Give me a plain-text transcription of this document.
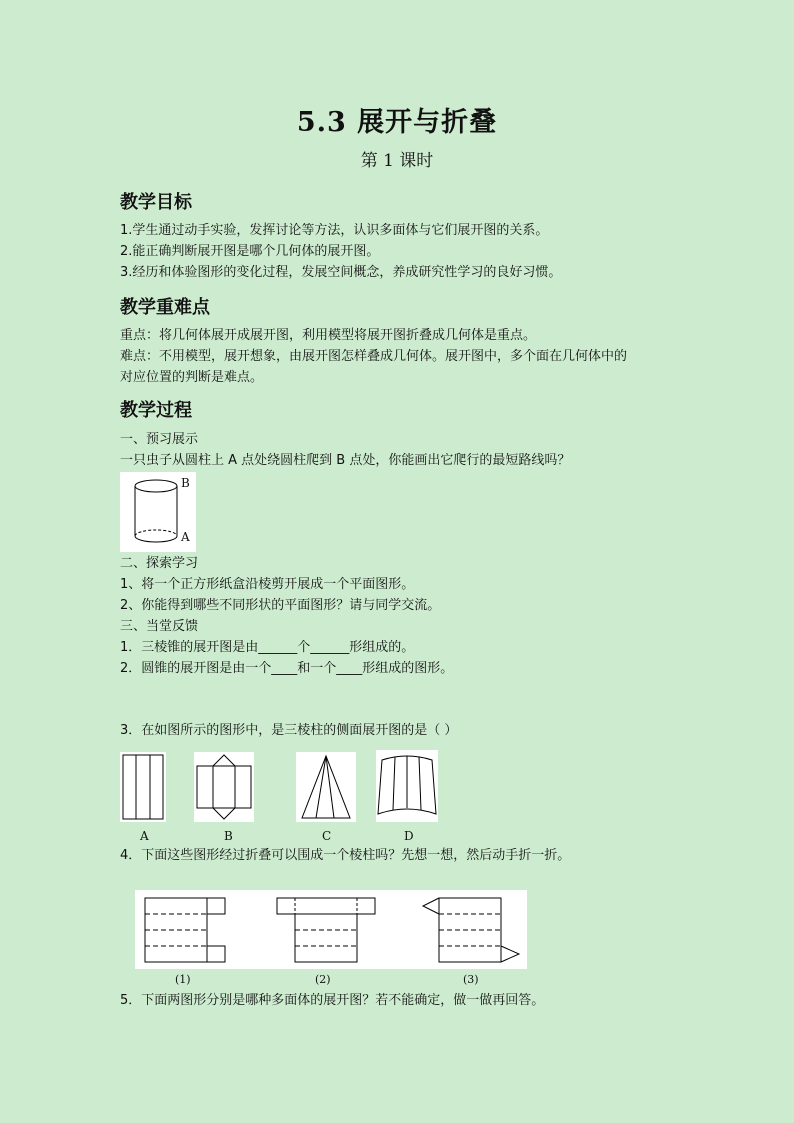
5.3 展开与折叠
第 1 课时
教学目标
1.学生通过动手实验，发挥讨论等方法，认识多面体与它们展开图的关系。
2.能正确判断展开图是哪个几何体的展开图。
3.经历和体验图形的变化过程，发展空间概念，养成研究性学习的良好习惯。
教学重难点
重点：将几何体展开成展开图，利用模型将展开图折叠成几何体是重点。
难点：不用模型，展开想象，由展开图怎样叠成几何体。展开图中，多个面在几何体中的
对应位置的判断是难点。
教学过程
一、预习展示
一只虫子从圆柱上 A 点处绕圆柱爬到 B 点处，你能画出它爬行的最短路线吗？
B
A
二、探索学习
1、将一个正方形纸盒沿棱剪开展成一个平面图形。
2、你能得到哪些不同形状的平面图形？请与同学交流。
三、当堂反馈
1．三棱锥的展开图是由______个______形组成的。
2．圆锥的展开图是由一个____和一个____形组成的图形。
3．在如图所示的图形中，是三棱柱的侧面展开图的是（ ）
A	B	C	D
4．下面这些图形经过折叠可以围成一个棱柱吗？先想一想，然后动手折一折。
(1)	(2)	(3)
5．下面两图形分别是哪种多面体的展开图？若不能确定，做一做再回答。
